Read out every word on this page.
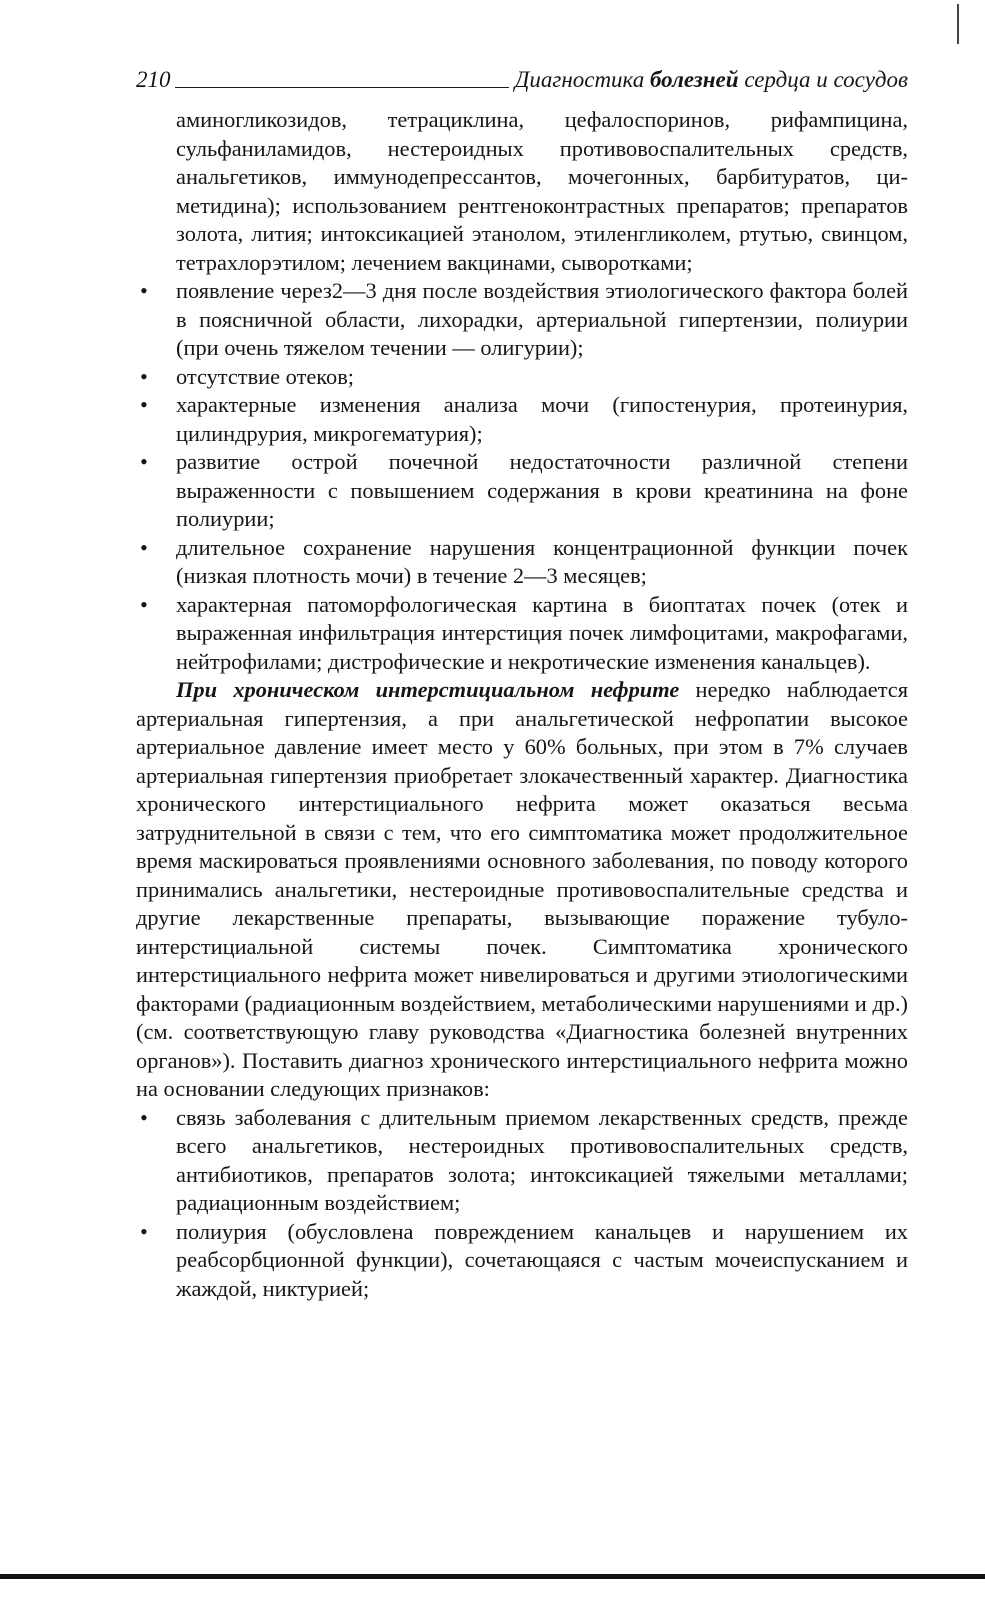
210	Диагностика болезней сердца и сосудов

аминогликозидов, тетрациклина, цефалоспоринов, рифампицина, сульфаниламидов, нестероидных противовоспалительных средств, анальгетиков, иммунодепрессантов, мочегонных, барбитуратов, циметидина); использованием рентгеноконтрастных препаратов; препаратов золота, лития; интоксикацией этанолом, этиленгликолем, ртутью, свинцом, тетрахлорэтилом; лечением вакцинами, сыворотками;

• появление через2—3 дня после воздействия этиологического фактора болей в поясничной области, лихорадки, артериальной гипертензии, полиурии (при очень тяжелом течении — олигурии);
• отсутствие отеков;
• характерные изменения анализа мочи (гипостенурия, протеинурия, цилиндрурия, микрогематурия);
• развитие острой почечной недостаточности различной степени выраженности с повышением содержания в крови креатинина на фоне полиурии;
• длительное сохранение нарушения концентрационной функции почек (низкая плотность мочи) в течение 2—3 месяцев;
• характерная патоморфологическая картина в биоптатах почек (отек и выраженная инфильтрация интерстиция почек лимфоцитами, макрофагами, нейтрофилами; дистрофические и некротические изменения канальцев).

При хроническом интерстициальном нефрите нередко наблюдается артериальная гипертензия, а при анальгетической нефропатии высокое артериальное давление имеет место у 60% больных, при этом в 7% случаев артериальная гипертензия приобретает злокачественный характер. Диагностика хронического интерстициального нефрита может оказаться весьма затруднительной в связи с тем, что его симптоматика может продолжительное время маскироваться проявлениями основного заболевания, по поводу которого принимались анальгетики, нестероидные противовоспалительные средства и другие лекарственные препараты, вызывающие поражение тубуло-интерстициальной системы почек. Симптоматика хронического интерстициального нефрита может нивелироваться и другими этиологическими факторами (радиационным воздействием, метаболическими нарушениями и др.) (см. соответствующую главу руководства «Диагностика болезней внутренних органов»). Поставить диагноз хронического интерстициального нефрита можно на основании следующих признаков:

• связь заболевания с длительным приемом лекарственных средств, прежде всего анальгетиков, нестероидных противовоспалительных средств, антибиотиков, препаратов золота; интоксикацией тяжелыми металлами; радиационным воздействием;
• полиурия (обусловлена повреждением канальцев и нарушением их реабсорбционной функции), сочетающаяся с частым мочеиспусканием и жаждой, никтурией;
